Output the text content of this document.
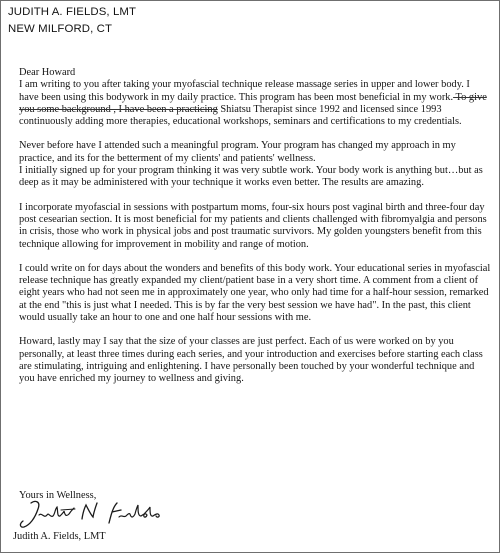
JUDITH A. FIELDS, LMT
NEW MILFORD, CT

Dear Howard

I am writing to you after taking your myofascial technique release massage series in upper and lower body. I have been using this bodywork in my daily practice. This program has been most beneficial in my work. To give you some background , I have been a practicing Shiatsu Therapist since 1992 and licensed since 1993 continuously adding more therapies, educational workshops, seminars and certifications to my credentials.

Never before have I attended such a meaningful program. Your program has changed my approach in my practice, and its for the betterment of my clients' and patients' wellness.

I initially signed up for your program thinking it was very subtle work. Your body work is anything but…but as deep as it may be administered with your technique it works even better. The results are amazing.

I incorporate myofascial in sessions with postpartum moms, four-six hours post vaginal birth and three-four day post cesearian section. It is most beneficial for my patients and clients challenged with fibromyalgia and persons in crisis, those who work in physical jobs and post traumatic survivors. My golden youngsters benefit from this technique allowing for improvement in mobility and range of motion.

I could write on for days about the wonders and benefits of this body work. Your educational series in myofascial release technique has greatly expanded my client/patient base in a very short time. A comment from a client of eight years who had not seen me in approximately one year, who only had time for a half-hour session, remarked at the end "this is just what I needed. This is by far the very best session we have had". In the past, this client would usually take an hour to one and one half hour sessions with me.

Howard, lastly may I say that the size of your classes are just perfect. Each of us were worked on by you personally, at least three times during each series, and your introduction and exercises before starting each class are stimulating, intriguing and enlightening. I have personally been touched by your wonderful technique and you have enriched my journey to wellness and giving.

Yours in Wellness,
Judith A. Fields, LMT
